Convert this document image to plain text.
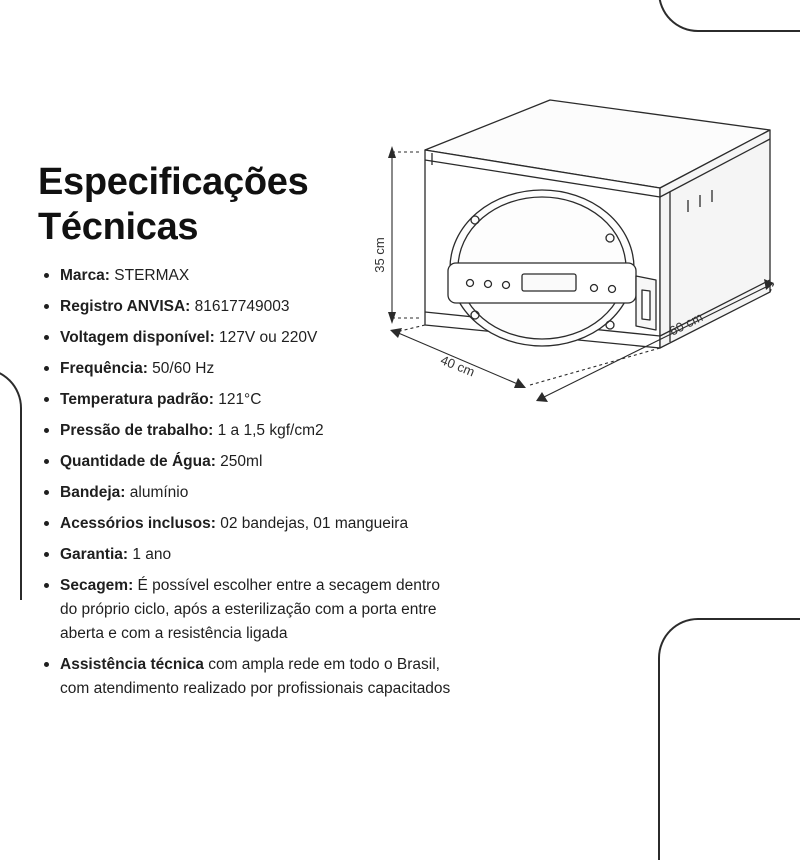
35 cm
40 cm
60 cm
Especificações
Técnicas
Marca: STERMAX
Registro ANVISA: 81617749003
Voltagem disponível: 127V ou 220V
Frequência: 50/60 Hz
Temperatura padrão: 121°C
Pressão de trabalho: 1 a 1,5 kgf/cm2
Quantidade de Água: 250ml
Bandeja: alumínio
Acessórios inclusos: 02 bandejas, 01 mangueira
Garantia: 1 ano
Secagem: É possível escolher entre a secagem dentro do próprio ciclo, após a esterilização com a porta entre aberta e com a resistência ligada
Assistência técnica com ampla rede em todo o Brasil, com atendimento realizado por profissionais capacitados
